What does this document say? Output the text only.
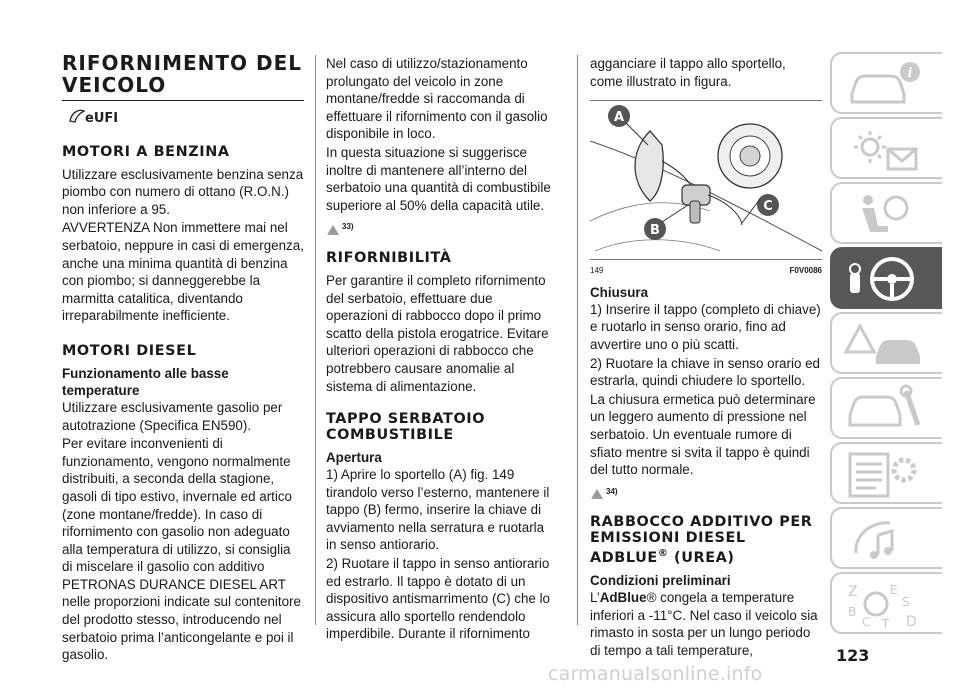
RIFORNIMENTO DEL VEICOLO
eUFI
MOTORI A BENZINA

Utilizzare esclusivamente benzina senza piombo con numero di ottano (R.O.N.) non inferiore a 95.

AVVERTENZA Non immettere mai nel serbatoio, neppure in casi di emergenza, anche una minima quantità di benzina con piombo; si danneggerebbe la marmitta catalitica, diventando irreparabilmente inefficiente.

MOTORI DIESEL
Funzionamento alle basse temperature

Utilizzare esclusivamente gasolio per autotrazione (Specifica EN590).

Per evitare inconvenienti di funzionamento, vengono normalmente distribuiti, a seconda della stagione, gasoli di tipo estivo, invernale ed artico (zone montane/fredde). In caso di rifornimento con gasolio non adeguato alla temperatura di utilizzo, si consiglia di miscelare il gasolio con additivo PETRONAS DURANCE DIESEL ART nelle proporzioni indicate sul contenitore del prodotto stesso, introducendo nel serbatoio prima l’anticongelante e poi il gasolio.

Nel caso di utilizzo/stazionamento prolungato del veicolo in zone montane/fredde si raccomanda di effettuare il rifornimento con il gasolio disponibile in loco.

In questa situazione si suggerisce inoltre di mantenere all’interno del serbatoio una quantità di combustibile superiore al 50% della capacità utile.

33)
RIFORNIBILITÀ

Per garantire il completo rifornimento del serbatoio, effettuare due operazioni di rabbocco dopo il primo scatto della pistola erogatrice. Evitare ulteriori operazioni di rabbocco che potrebbero causare anomalie al sistema di alimentazione.

TAPPO SERBATOIO COMBUSTIBILE
Apertura

1) Aprire lo sportello (A) fig. 149 tirandolo verso l’esterno, mantenere il tappo (B) fermo, inserire la chiave di avviamento nella serratura e ruotarla in senso antiorario.

2) Ruotare il tappo in senso antiorario ed estrarlo. Il tappo è dotato di un dispositivo antismarrimento (C) che lo assicura allo sportello rendendolo imperdibile. Durante il rifornimento

agganciare il tappo allo sportello, come illustrato in figura.

A
B
C
149	F0V0086
Chiusura

1) Inserire il tappo (completo di chiave) e ruotarlo in senso orario, fino ad avvertire uno o più scatti.

2) Ruotare la chiave in senso orario ed estrarla, quindi chiudere lo sportello.

La chiusura ermetica può determinare un leggero aumento di pressione nel serbatoio. Un eventuale rumore di sfiato mentre si svita il tappo è quindi del tutto normale.

34)
RABBOCCO ADDITIVO PER EMISSIONI DIESEL ADBLUE® (UREA)
Condizioni preliminari

L’AdBlue® congela a temperature inferiori a -11°C. Nel caso il veicolo sia rimasto in sosta per un lungo periodo di tempo a tali temperature,

i
Z	E
S
B
C T D
123
carmanualsonline.info
